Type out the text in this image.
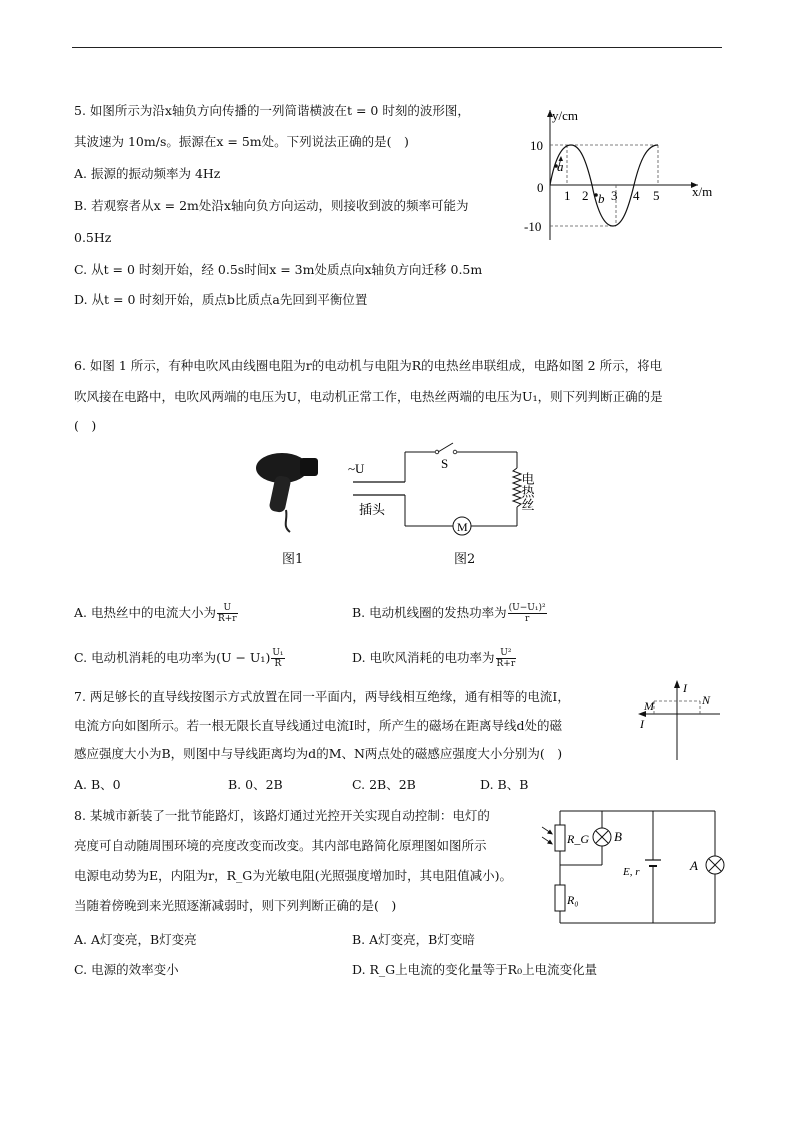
5. 如图所示为沿x轴负方向传播的一列简谐横波在t = 0 时刻的波形图，
其波速为 10m/s。振源在x = 5m处。下列说法正确的是(　)
A. 振源的振动频率为 4Hz
B. 若观察者从x = 2m处沿x轴向负方向运动，则接收到波的频率可能为
0.5Hz
C. 从t = 0 时刻开始，经 0.5s时间x = 3m处质点向x轴负方向迁移 0.5m
D. 从t = 0 时刻开始，质点b比质点a先回到平衡位置
a
b
y/cm
x/m
10
0
-10
1 2 3 4 5
6. 如图 1 所示，有种电吹风由线圈电阻为r的电动机与电阻为R的电热丝串联组成，电路如图 2 所示，将电
吹风接在电路中，电吹风两端的电压为U，电动机正常工作，电热丝两端的电压为U₁，则下列判断正确的是
(　)
图1
~U	S
插头
M
电热丝
图2
A. 电热丝中的电流大小为 $\frac{U}{R+r}$	B. 电动机线圈的发热功率为 $\frac{\text{(U−U₁)²}}{r}$
C. 电动机消耗的电功率为$(U - U_1) \frac{\text{U₁}}{R}$	D. 电吹风消耗的电功率为 $\frac{\text{U²}}{R+r}$
7. 两足够长的直导线按图示方式放置在同一平面内，两导线相互绝缘，通有相等的电流I，
电流方向如图所示。若一根无限长直导线通过电流I时，所产生的磁场在距离导线d处的磁
感应强度大小为B，则图中与导线距离均为d的M、N两点处的磁感应强度大小分别为(　)
A. B、0	B. 0、2B	C. 2B、2B	D. B、B
I
I
M	N
8. 某城市新装了一批节能路灯，该路灯通过光控开关实现自动控制：电灯的
亮度可自动随周围环境的亮度改变而改变。其内部电路简化原理图如图所示
电源电动势为E，内阻为r，R_G为光敏电阻(光照强度增加时，其电阻值减小)。
当随着傍晚到来光照逐渐减弱时，则下列判断正确的是(　)
A. A灯变亮，B灯变亮	B. A灯变亮，B灯变暗
C. 电源的效率变小	D. R_G上电流的变化量等于R₀上电流变化量
R_G
R₀
B
A
E, r
